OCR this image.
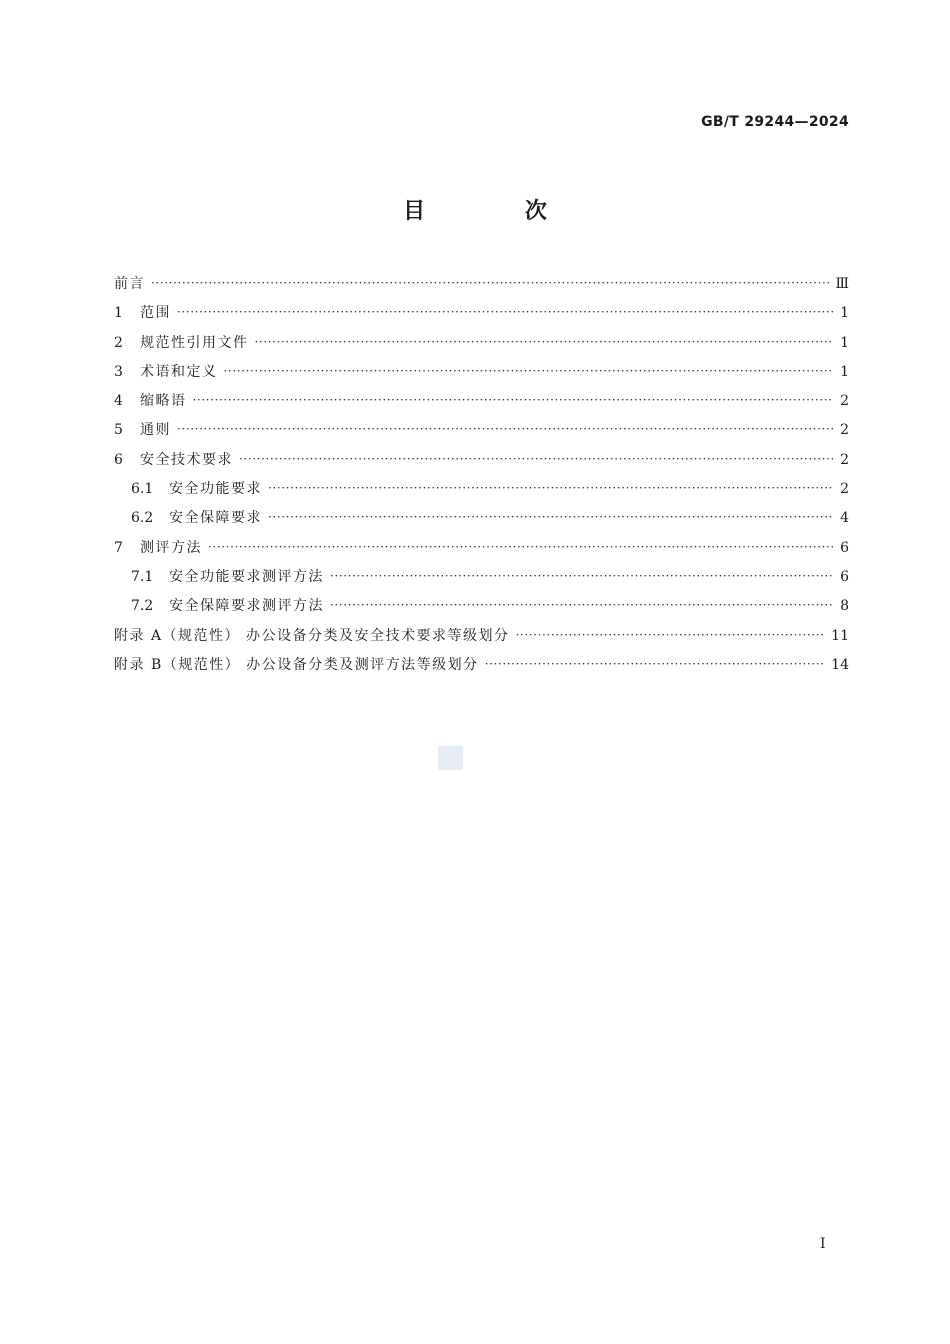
GB/T 29244—2024
目 次
前言 ·····	Ⅲ
1	范围 ·····	1
2	规范性引用文件 ·····	1
3	术语和定义 ·····	1
4	缩略语 ·····	2
5	通则 ·····	2
6	安全技术要求 ·····	2
6.1	安全功能要求 ·····	2
6.2	安全保障要求 ·····	4
7	测评方法 ·····	6
7.1	安全功能要求测评方法 ·····	6
7.2	安全保障要求测评方法 ·····	8
附录 A（规范性） 办公设备分类及安全技术要求等级划分 ·····	11
附录 B（规范性） 办公设备分类及测评方法等级划分 ·····	14
I
